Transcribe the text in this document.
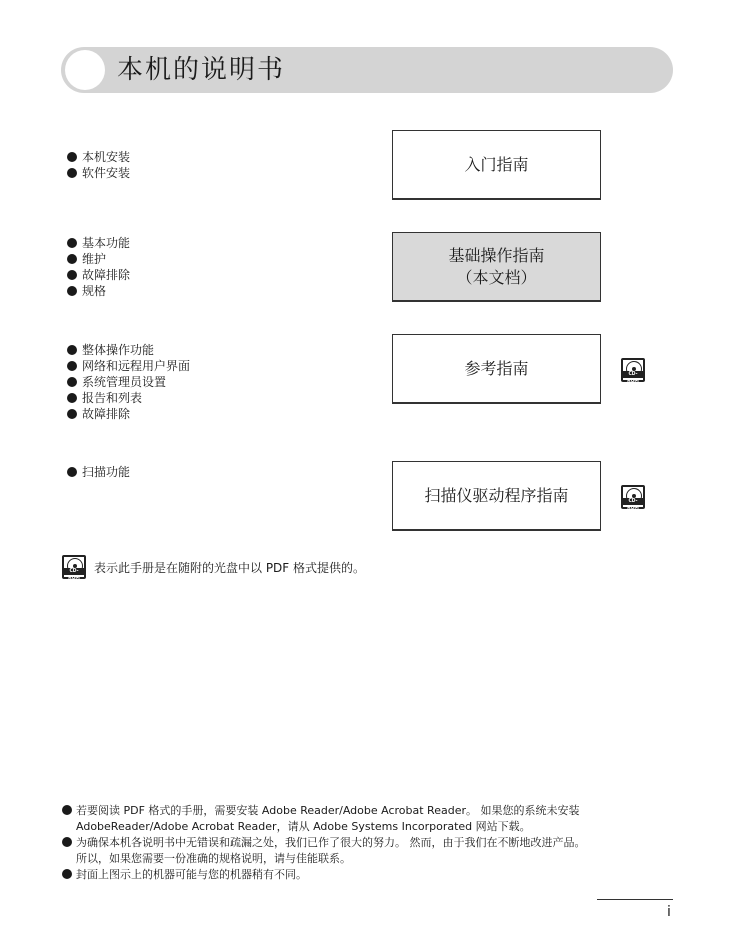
本机的说明书
本机安装
软件安装	入门指南
基本功能
维护
故障排除
规格
基础操作指南
（本文档）
整体操作功能
网络和远程用户界面
系统管理员设置
报告和列表
故障排除
参考指南	CD-ROM
扫描功能
扫描仪驱动程序指南	CD-ROM
CD-ROM
表示此手册是在随附的光盘中以 PDF 格式提供的。
若要阅读 PDF 格式的手册，需要安装 Adobe Reader/Adobe Acrobat Reader。 如果您的系统未安装
AdobeReader/Adobe Acrobat Reader，请从 Adobe Systems Incorporated 网站下载。
为确保本机各说明书中无错误和疏漏之处，我们已作了很大的努力。 然而，由于我们在不断地改进产品。
所以，如果您需要一份准确的规格说明，请与佳能联系。
封面上图示上的机器可能与您的机器稍有不同。
i
